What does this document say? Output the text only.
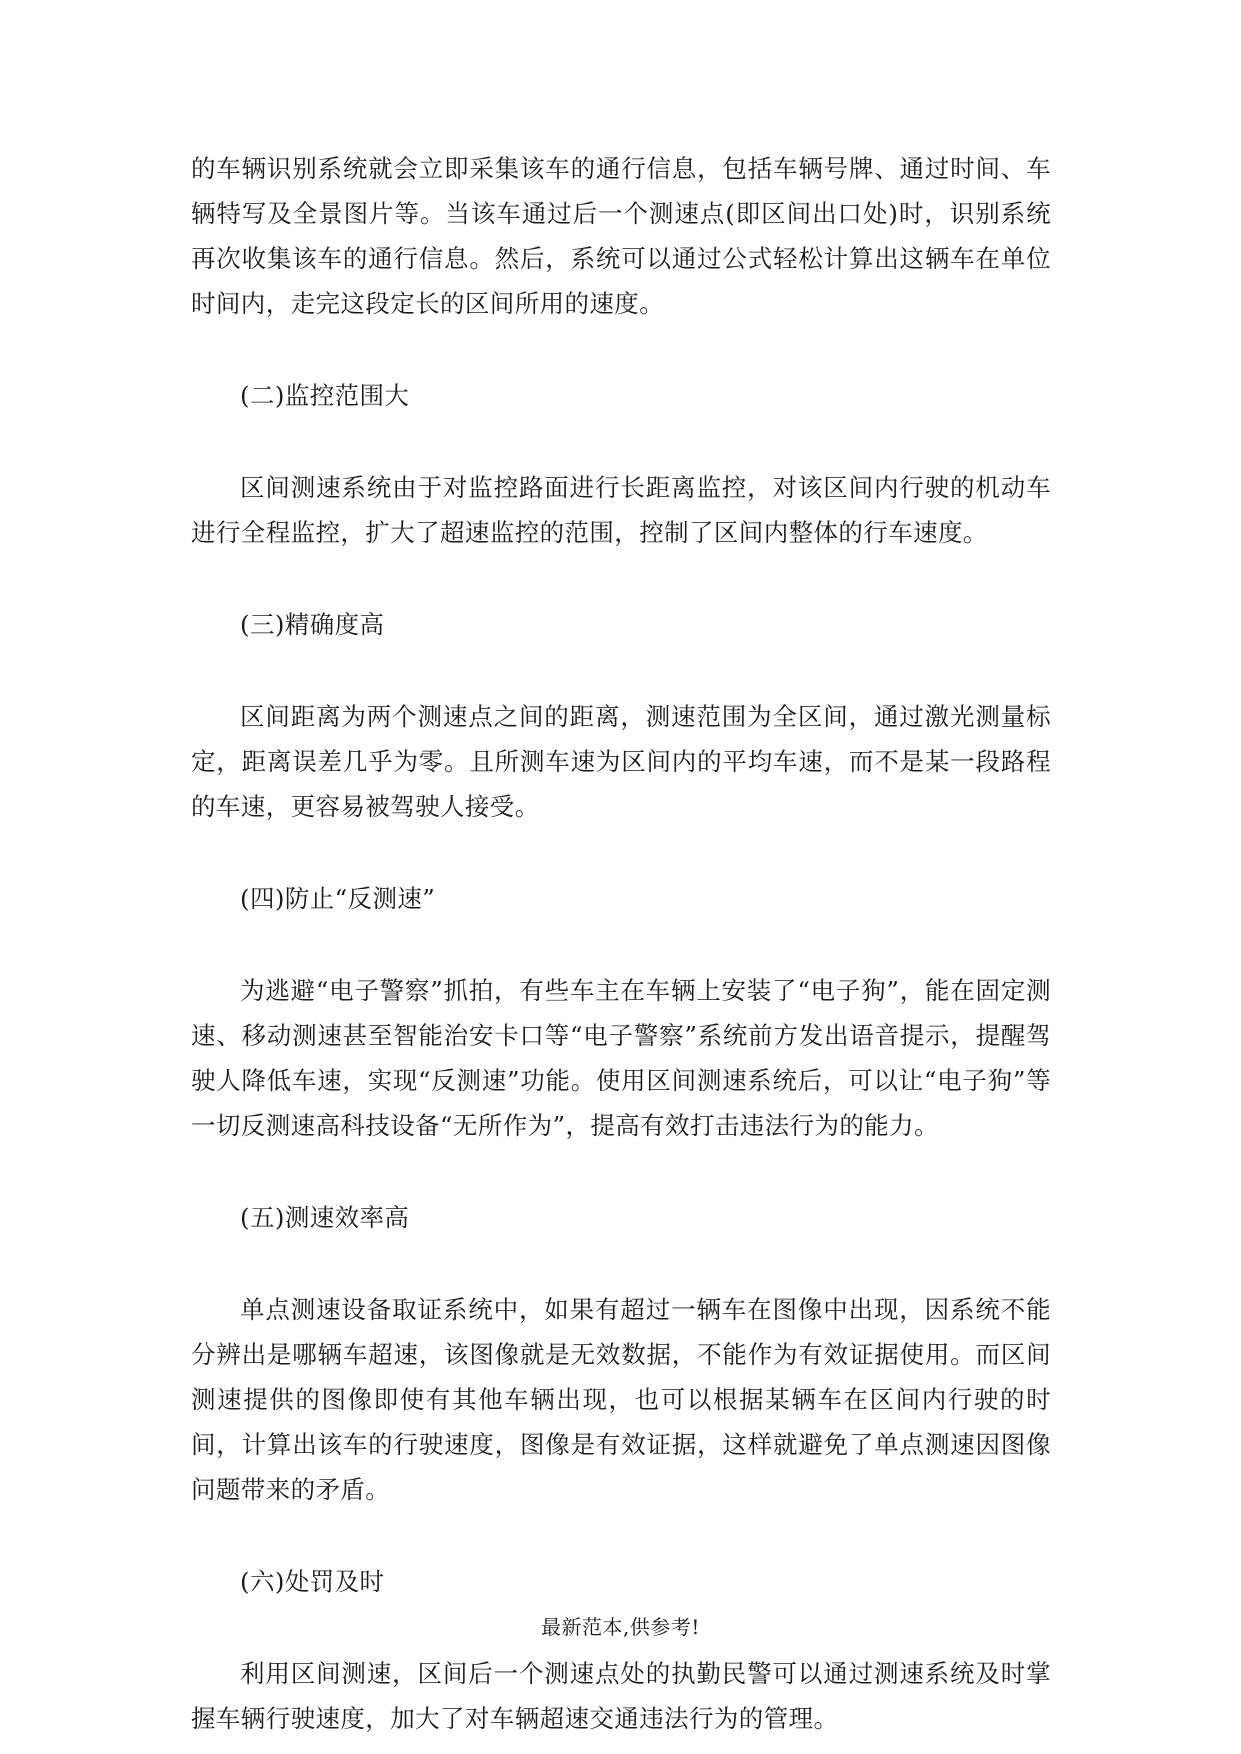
的车辆识别系统就会立即采集该车的通行信息，包括车辆号牌、通过时间、车辆特写及全景图片等。当该车通过后一个测速点(即区间出口处)时，识别系统再次收集该车的通行信息。然后，系统可以通过公式轻松计算出这辆车在单位时间内，走完这段定长的区间所用的速度。

(二)监控范围大

区间测速系统由于对监控路面进行长距离监控，对该区间内行驶的机动车进行全程监控，扩大了超速监控的范围，控制了区间内整体的行车速度。

(三)精确度高

区间距离为两个测速点之间的距离，测速范围为全区间，通过激光测量标定，距离误差几乎为零。且所测车速为区间内的平均车速，而不是某一段路程的车速，更容易被驾驶人接受。

(四)防止“反测速”

为逃避“电子警察”抓拍，有些车主在车辆上安装了“电子狗”，能在固定测速、移动测速甚至智能治安卡口等“电子警察”系统前方发出语音提示，提醒驾驶人降低车速，实现“反测速”功能。使用区间测速系统后，可以让“电子狗”等一切反测速高科技设备“无所作为”，提高有效打击违法行为的能力。

(五)测速效率高

单点测速设备取证系统中，如果有超过一辆车在图像中出现，因系统不能分辨出是哪辆车超速，该图像就是无效数据，不能作为有效证据使用。而区间测速提供的图像即使有其他车辆出现，也可以根据某辆车在区间内行驶的时间，计算出该车的行驶速度，图像是有效证据，这样就避免了单点测速因图像问题带来的矛盾。

(六)处罚及时

利用区间测速，区间后一个测速点处的执勤民警可以通过测速系统及时掌握车辆行驶速度，加大了对车辆超速交通违法行为的管理。

最新范本,供参考!
